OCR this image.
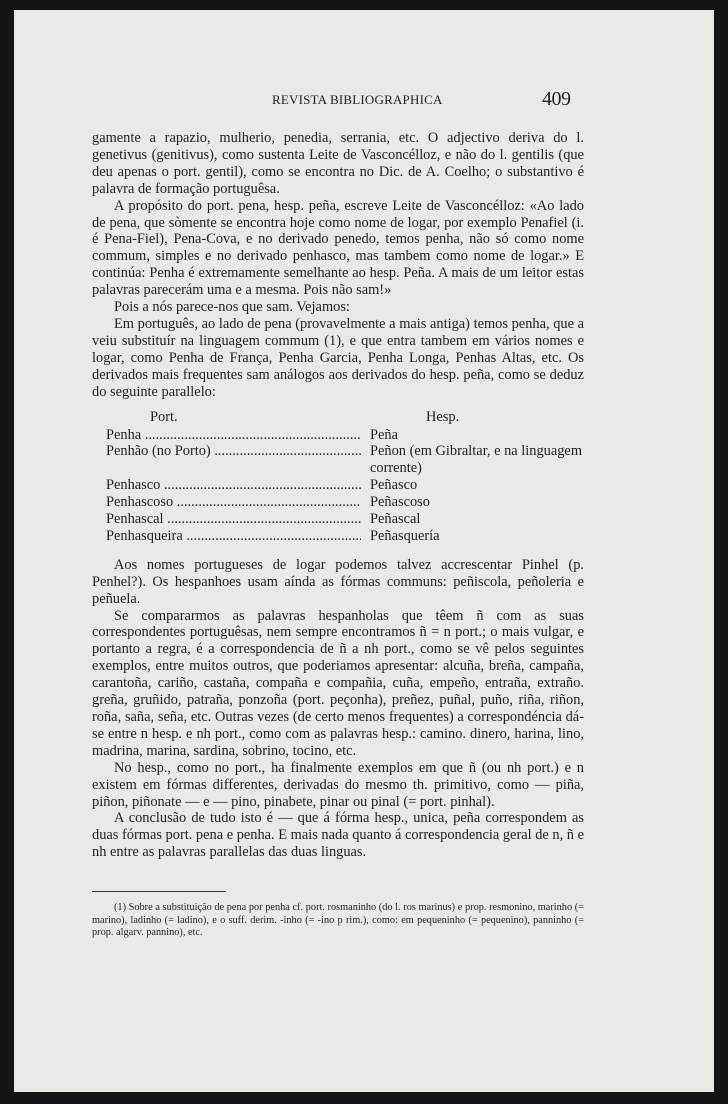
REVISTA BIBLIOGRAPHICA	409

gamente a rapazio, mulherio, penedia, serrania, etc. O adjectivo deriva do l. genetivus (genitivus), como sustenta Leite de Vasconcélloz, e não do l. gentilis (que deu apenas o port. gentil), como se encontra no Dic. de A. Coelho; o substantivo é palavra de formação portuguêsa.

A propósito do port. pena, hesp. peña, escreve Leite de Vasconcélloz: «Ao lado de pena, que sòmente se encontra hoje como nome de logar, por exemplo Penafiel (i. é Pena-Fiel), Pena-Cova, e no derivado penedo, temos penha, não só como nome commum, simples e no derivado penhasco, mas tambem como nome de logar.» E continúa: Penha é extremamente semelhante ao hesp. Peña. A mais de um leitor estas palavras parecerám uma e a mesma. Pois não sam!»

Pois a nós parece-nos que sam. Vejamos:

Em português, ao lado de pena (provavelmente a mais antiga) temos penha, que a veiu substituír na linguagem commum (1), e que entra tambem em vários nomes e logar, como Penha de França, Penha Garcia, Penha Longa, Penhas Altas, etc. Os derivados mais frequentes sam análogos aos derivados do hesp. peña, como se deduz do seguinte parallelo:

Port.	Hesp.
Penha .....	Peña
Penhão (no Porto) .....	Peñon (em Gibraltar, e na linguagem corrente)
Penhasco .....	Peñasco
Penhascoso .....	Peñascoso
Penhascal .....	Peñascal
Penhasqueira .....	Peñasquería

Aos nomes portugueses de logar podemos talvez accrescentar Pinhel (p. Penhel?). Os hespanhoes usam aínda as fórmas communs: peñiscola, peñoleria e peñuela.

Se compararmos as palavras hespanholas que têem ñ com as suas correspondentes portuguêsas, nem sempre encontramos ñ = n port.; o mais vulgar, e portanto a regra, é a correspondencia de ñ a nh port., como se vê pelos seguintes exemplos, entre muitos outros, que poderiamos apresentar: alcuña, breña, campaña, carantoña, cariño, castaña, compaña e compañia, cuña, empeño, entraña, extraño. greña, gruñido, patraña, ponzoña (port. peçonha), preñez, puñal, puño, riña, riñon, roña, saña, seña, etc. Outras vezes (de certo menos frequentes) a correspondéncia dá-se entre n hesp. e nh port., como com as palavras hesp.: camino. dinero, harina, lino, madrina, marina, sardina, sobrino, tocino, etc.

No hesp., como no port., ha finalmente exemplos em que ñ (ou nh port.) e n existem em fórmas differentes, derivadas do mesmo th. primitivo, como — piña, piñon, piñonate — e — pino, pinabete, pinar ou pinal (= port. pinhal).

A conclusão de tudo isto é — que á fórma hesp., unica, peña correspondem as duas fórmas port. pena e penha. E mais nada quanto á correspondencia geral de n, ñ e nh entre as palavras parallelas das duas linguas.

(1) Sobre a substituição de pena por penha cf. port. rosmaninho (do l. ros marinus) e prop. resmonino, marinho (= marino), ladinho (= ladino), e o suff. derim. -inho (= -ino p rim.), como: em pequeninho (= pequenino), panninho (= prop. algarv. pannino), etc.
